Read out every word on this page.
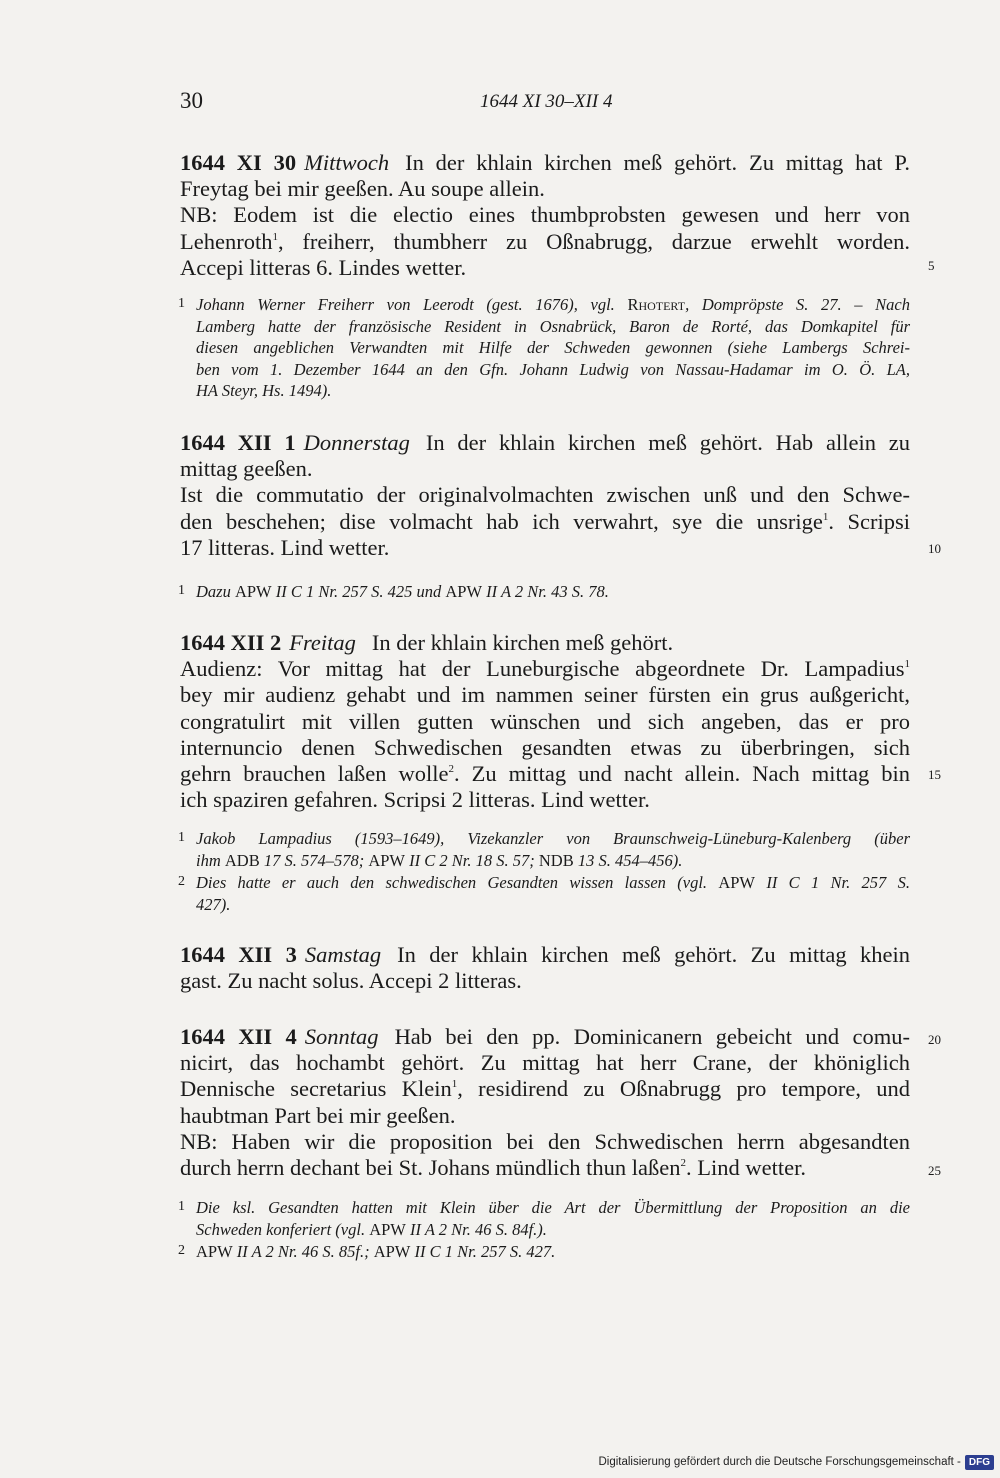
30	1644 XI 30–XII 4
1644 XI 30 Mittwoch In der khlain kirchen meß gehört. Zu mittag hat P.
Freytag bei mir geeßen. Au soupe allein.
NB: Eodem ist die electio eines thumbprobsten gewesen und herr von
Lehenroth$^1$, freiherr, thumbherr zu Oßnabrugg, darzue erwehlt worden.
Accepi litteras 6. Lindes wetter.
1 Johann Werner Freiherr von Leerodt (gest. 1676), vgl. Rhotert, Dompröpste S. 27. – Nach
Lamberg hatte der französische Resident in Osnabrück, Baron de Rorté, das Domkapitel für
diesen angeblichen Verwandten mit Hilfe der Schweden gewonnen (siehe Lambergs Schrei-
ben vom 1. Dezember 1644 an den Gfn. Johann Ludwig von Nassau-Hadamar im O. Ö. LA,
HA Steyr, Hs. 1494).
1644 XII 1 Donnerstag In der khlain kirchen meß gehört. Hab allein zu
mittag geeßen.
Ist die commutatio der originalvolmachten zwischen unß und den Schwe-
den beschehen; dise volmacht hab ich verwahrt, sye die unsrige$^1$. Scripsi
17 litteras. Lind wetter.
1 Dazu APW II C 1 Nr. 257 S. 425 und APW II A 2 Nr. 43 S. 78.
1644 XII 2 Freitag In der khlain kirchen meß gehört.
Audienz: Vor mittag hat der Luneburgische abgeordnete Dr. Lampadius$^1$
bey mir audienz gehabt und im nammen seiner fürsten ein grus außgericht,
congratulirt mit villen gutten wünschen und sich angeben, das er pro
internuncio denen Schwedischen gesandten etwas zu überbringen, sich
gehrn brauchen laßen wolle$^2$. Zu mittag und nacht allein. Nach mittag bin
ich spaziren gefahren. Scripsi 2 litteras. Lind wetter.
1 Jakob Lampadius (1593–1649), Vizekanzler von Braunschweig-Lüneburg-Kalenberg (über
ihm ADB 17 S. 574–578; APW II C 2 Nr. 18 S. 57; NDB 13 S. 454–456).
2 Dies hatte er auch den schwedischen Gesandten wissen lassen (vgl. APW II C 1 Nr. 257 S.
427).
1644 XII 3 Samstag In der khlain kirchen meß gehört. Zu mittag khein
gast. Zu nacht solus. Accepi 2 litteras.
1644 XII 4 Sonntag Hab bei den pp. Dominicanern gebeicht und comu-
nicirt, das hochambt gehört. Zu mittag hat herr Crane, der khöniglich
Dennische secretarius Klein$^1$, residirend zu Oßnabrugg pro tempore, und
haubtman Part bei mir geeßen.
NB: Haben wir die proposition bei den Schwedischen herrn abgesandten
durch herrn dechant bei St. Johans mündlich thun laßen$^2$. Lind wetter.
1 Die ksl. Gesandten hatten mit Klein über die Art der Übermittlung der Proposition an die
Schweden konferiert (vgl. APW II A 2 Nr. 46 S. 84f.).
2 APW II A 2 Nr. 46 S. 85f.; APW II C 1 Nr. 257 S. 427.
5
10
15
20
25
Digitalisierung gefördert durch die Deutsche Forschungsgemeinschaft - DFG
